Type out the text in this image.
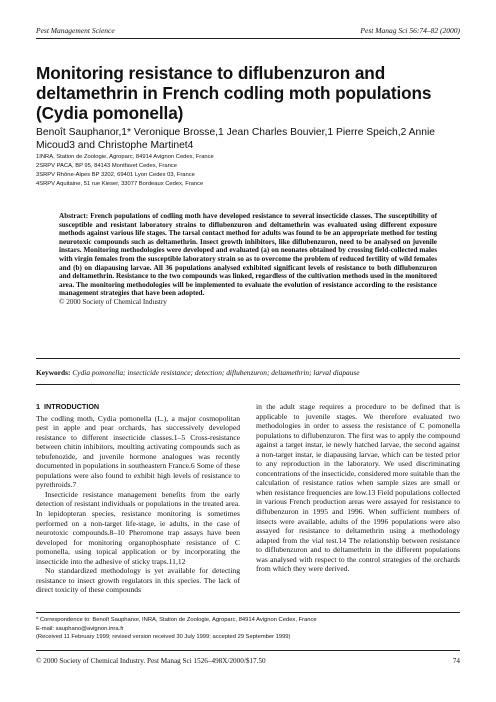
Pest Management Science	Pest Manag Sci 56:74–82 (2000)
Monitoring resistance to diflubenzuron and deltamethrin in French codling moth populations (Cydia pomonella)
Benoît Sauphanor,1* Veronique Brosse,1 Jean Charles Bouvier,1 Pierre Speich,2 Annie Micoud3 and Christophe Martinet4
1INRA, Station de Zoologie, Agroparc, 84914 Avignon Cedex, France
2SRPV PACA, BP 95, 84143 Montfavet Cedex, France
3SRPV Rhône-Alpes BP 3202, 69401 Lyon Cedex 03, France
4SRPV Aquitaine, 51 rue Kieser, 33077 Bordeaux Cedex, France
Abstract: French populations of codling moth have developed resistance to several insecticide classes. The susceptibility of susceptible and resistant laboratory strains to diflubenzuron and deltamethrin was evaluated using different exposure methods against various life stages. The tarsal contact method for adults was found to be an appropriate method for testing neurotoxic compounds such as deltamethrin. Insect growth inhibitors, like diflubenzuron, need to be analysed on juvenile instars. Monitoring methodologies were developed and evaluated (a) on neonates obtained by crossing field-collected males with virgin females from the susceptible laboratory strain so as to overcome the problem of reduced fertility of wild females and (b) on diapausing larvae. All 36 populations analysed exhibited significant levels of resistance to both diflubenzuron and deltamethrin. Resistance to the two compounds was linked, regardless of the cultivation methods used in the monitored area. The monitoring methodologies will be implemented to evaluate the evolution of resistance according to the resistance management strategies that have been adopted.
© 2000 Society of Chemical Industry
Keywords: Cydia pomonella; insecticide resistance; detection; diflubenzuron; deltamethrin; larval diapause
1 INTRODUCTION

The codling moth, Cydia pomonella (L.), a major cosmopolitan pest in apple and pear orchards, has successively developed resistance to different insecticide classes.1–5 Cross-resistance between chitin inhibitors, moulting activating compounds such as tebufenozide, and juvenile hormone analogues was recently documented in populations in southeastern France.6 Some of these populations were also found to exhibit high levels of resistance to pyrethroids.7

Insecticide resistance management benefits from the early detection of resistant individuals or populations in the treated area. In lepidopteran species, resistance monitoring is sometimes performed on a non-target life-stage, ie adults, in the case of neurotoxic compounds.8–10 Pheromone trap assays have been developed for monitoring organophosphate resistance of C pomonella, using topical application or by incorporating the insecticide into the adhesive of sticky traps.11,12

No standardized methodology is yet available for detecting resistance to insect growth regulators in this species. The lack of direct toxicity of these compounds

in the adult stage requires a procedure to be defined that is applicable to juvenile stages. We therefore evaluated two methodologies in order to assess the resistance of C pomonella populations to diflubenzuron. The first was to apply the compound against a target instar, ie newly hatched larvae, the second against a non-target instar, ie diapausing larvae, which can be tested prior to any reproduction in the laboratory. We used discriminating concentrations of the insecticide, considered more suitable than the calculation of resistance ratios when sample sizes are small or when resistance frequencies are low.13 Field populations collected in various French production areas were assayed for resistance to diflubenzuron in 1995 and 1996. When sufficient numbers of insects were available, adults of the 1996 populations were also assayed for resistance to deltamethrin using a methodology adapted from the vial test.14 The relationship between resistance to diflubenzuron and to deltamethrin in the different populations was analysed with respect to the control strategies of the orchards from which they were derived.

* Correspondence to: Benoît Sauphanor, INRA, Station de Zoologie, Agroparc, 84914 Avignon Cedex, France
E-mail: sauphano@avignon.inra.fr
(Received 11 February 1999; revised version received 30 July 1999; accepted 29 September 1999)
© 2000 Society of Chemical Industry. Pest Manag Sci 1526–498X/2000/$17.50	74
